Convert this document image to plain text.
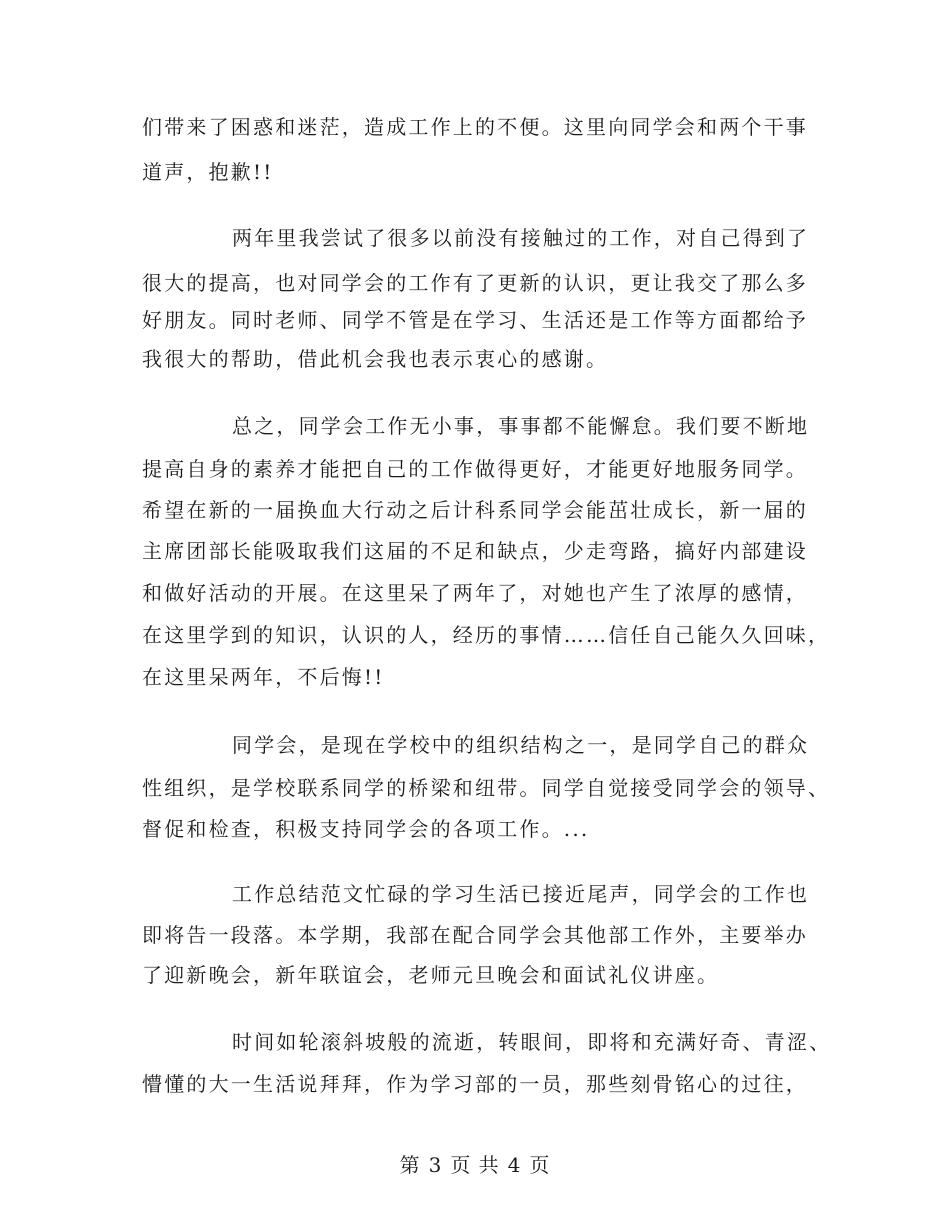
们带来了困惑和迷茫，造成工作上的不便。这里向同学会和两个干事
道声，抱歉!!
两年里我尝试了很多以前没有接触过的工作，对自己得到了
很大的提高，也对同学会的工作有了更新的认识，更让我交了那么多
好朋友。同时老师、同学不管是在学习、生活还是工作等方面都给予
我很大的帮助，借此机会我也表示衷心的感谢。
总之，同学会工作无小事，事事都不能懈怠。我们要不断地
提高自身的素养才能把自己的工作做得更好，才能更好地服务同学。
希望在新的一届换血大行动之后计科系同学会能茁壮成长，新一届的
主席团部长能吸取我们这届的不足和缺点，少走弯路，搞好内部建设
和做好活动的开展。在这里呆了两年了，对她也产生了浓厚的感情，
在这里学到的知识，认识的人，经历的事情……信任自己能久久回味，
在这里呆两年，不后悔!!
同学会，是现在学校中的组织结构之一，是同学自己的群众
性组织，是学校联系同学的桥梁和纽带。同学自觉接受同学会的领导、
督促和检查，积极支持同学会的各项工作。...
工作总结范文忙碌的学习生活已接近尾声，同学会的工作也
即将告一段落。本学期，我部在配合同学会其他部工作外，主要举办
了迎新晚会，新年联谊会，老师元旦晚会和面试礼仪讲座。
时间如轮滚斜坡般的流逝，转眼间，即将和充满好奇、青涩、
懵懂的大一生活说拜拜，作为学习部的一员，那些刻骨铭心的过往，
第 3 页 共 4 页
